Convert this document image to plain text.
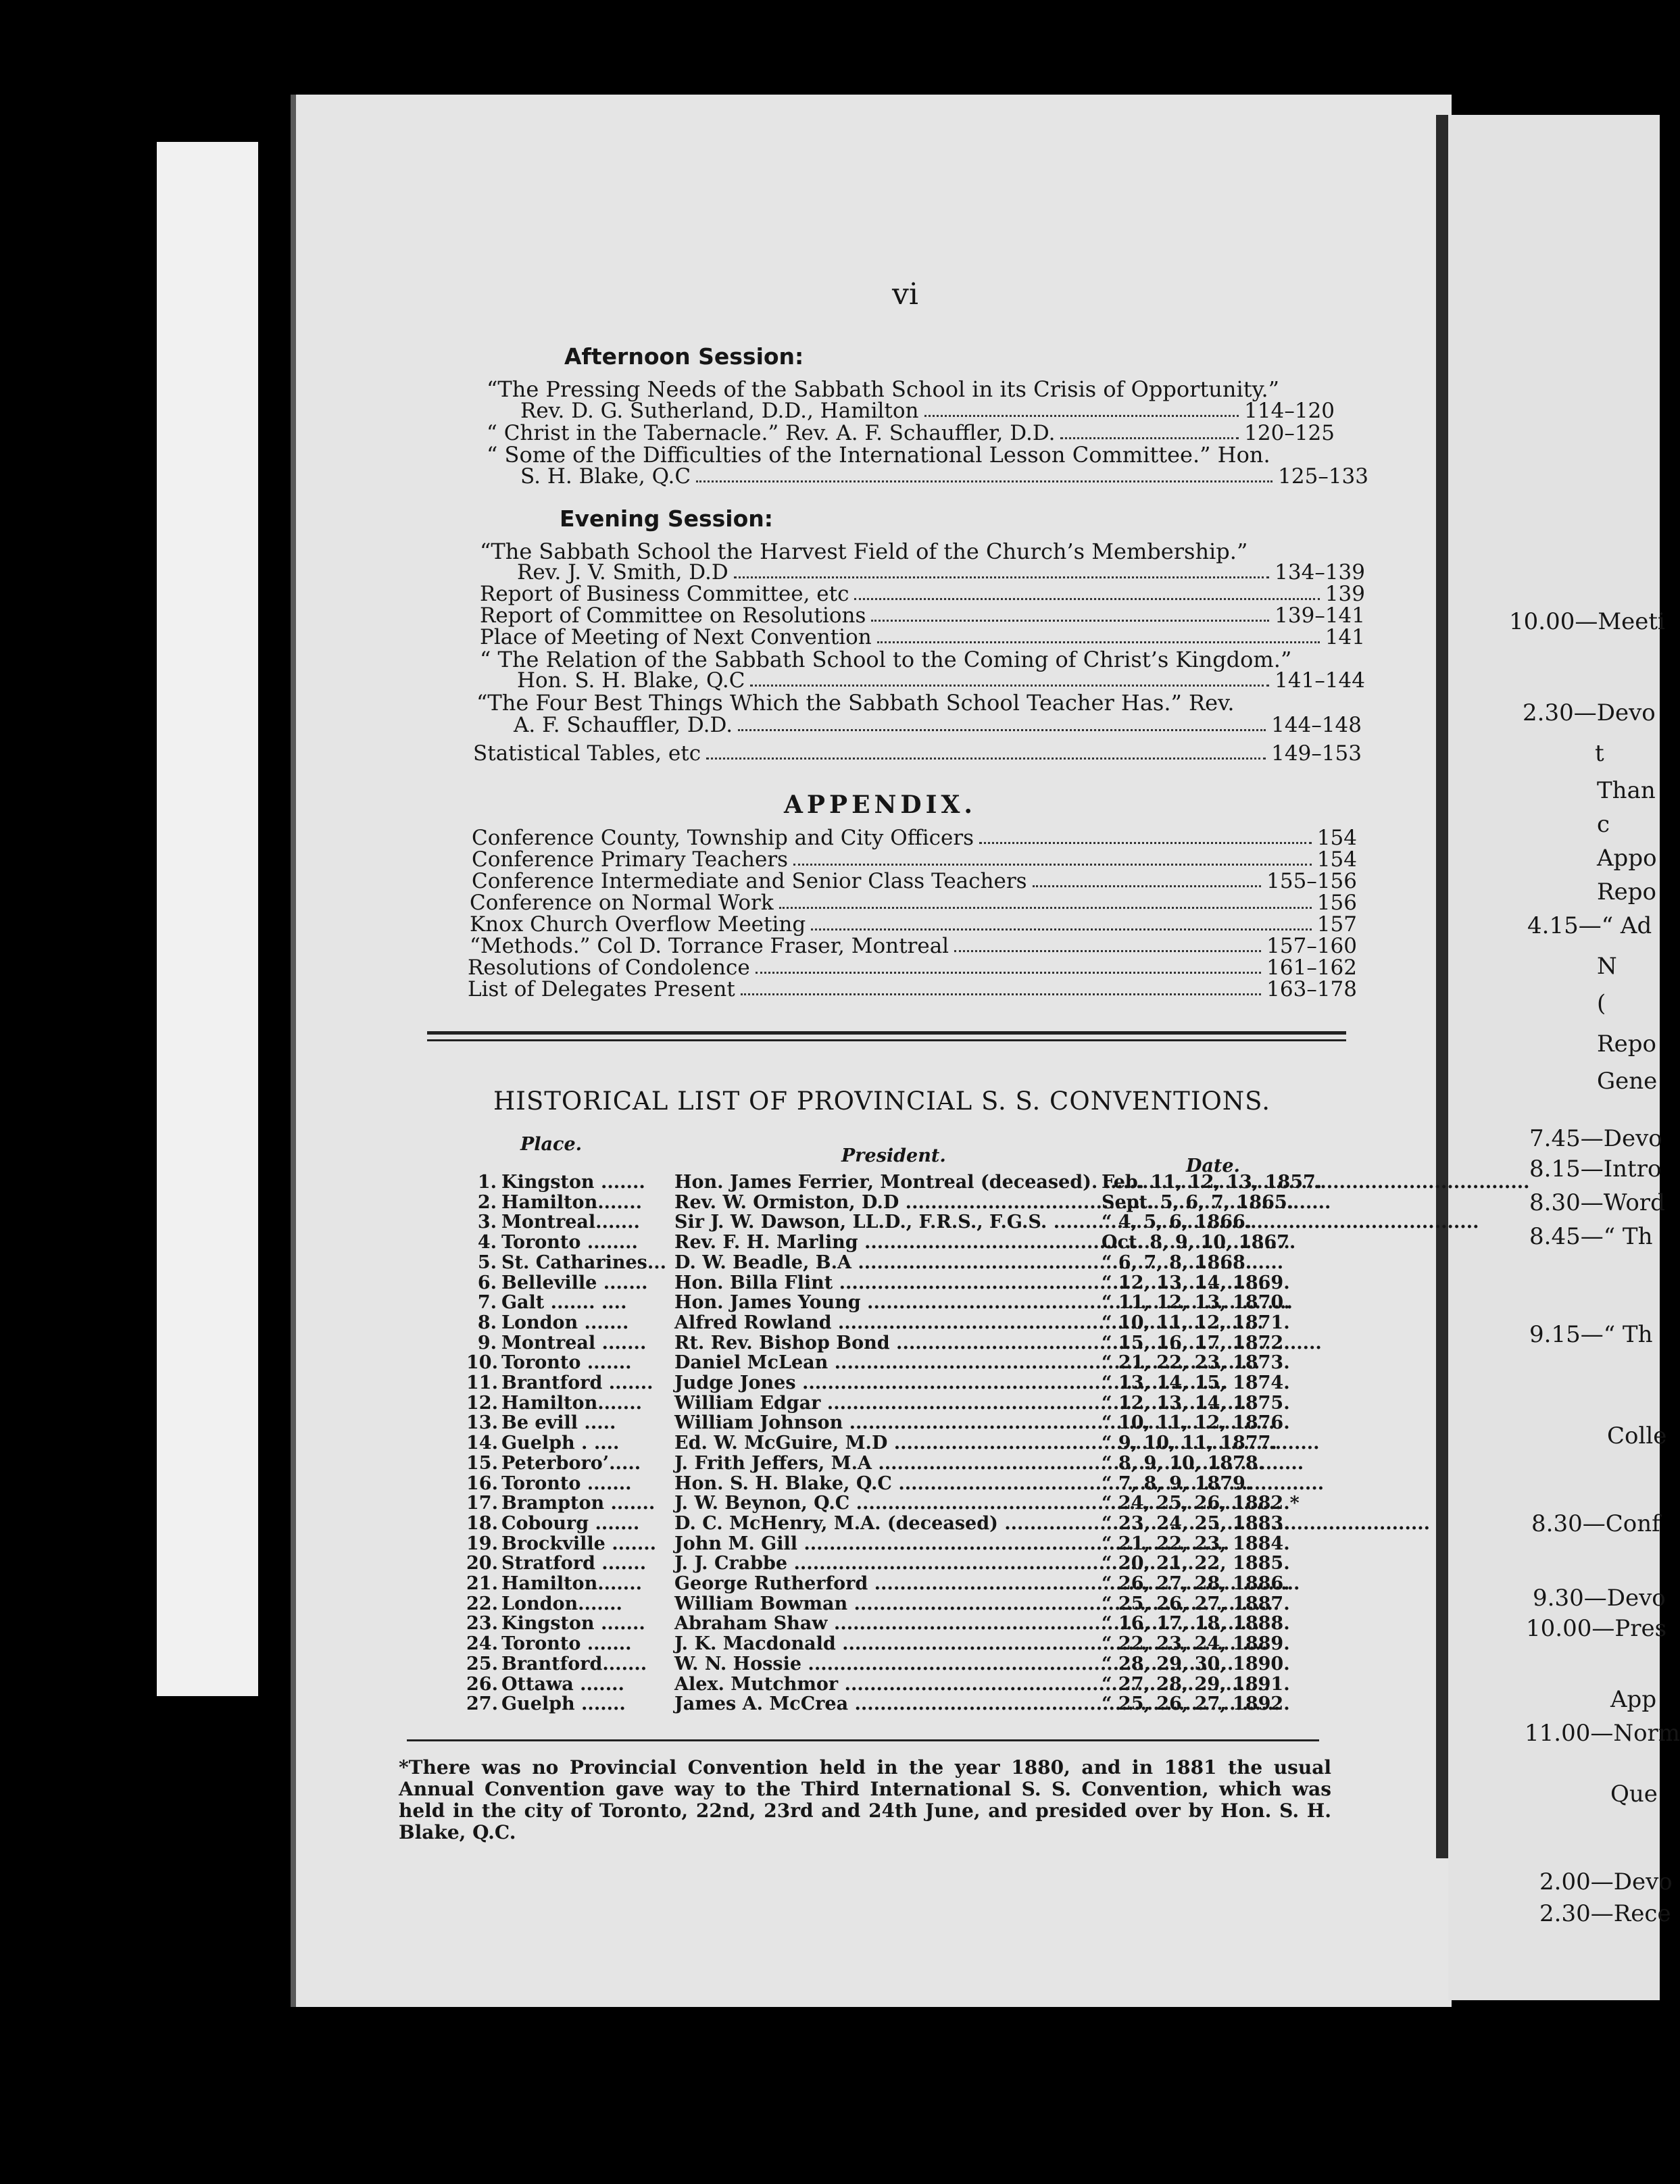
vi
Afternoon Session:
“The Pressing Needs of the Sabbath School in its Crisis of Opportunity.”
Rev. D. G. Sutherland, D.D., Hamilton	114–120
“ Christ in the Tabernacle.” Rev. A. F. Schauffler, D.D.	120–125
“ Some of the Difficulties of the International Lesson Committee.” Hon.
S. H. Blake, Q.C	125–133
Evening Session:
“The Sabbath School the Harvest Field of the Church’s Membership.”
Rev. J. V. Smith, D.D	134–139
Report of Business Committee, etc	139
Report of Committee on Resolutions	139–141
Place of Meeting of Next Convention	141
“ The Relation of the Sabbath School to the Coming of Christ’s Kingdom.”
Hon. S. H. Blake, Q.C	141–144
“The Four Best Things Which the Sabbath School Teacher Has.” Rev.
A. F. Schauffler, D.D.	144–148
Statistical Tables, etc	149–153
APPENDIX.
Conference County, Township and City Officers	154
Conference Primary Teachers	154
Conference Intermediate and Senior Class Teachers	155–156
Conference on Normal Work	156
Knox Church Overflow Meeting	157
“Methods.” Col D. Torrance Fraser, Montreal	157–160
Resolutions of Condolence	161–162
List of Delegates Present	163–178
HISTORICAL LIST OF PROVINCIAL S. S. CONVENTIONS.
Place.
President.	Date.
1. Kingston ....... Hon. James Ferrier, Montreal (deceased). ..... Feb. 11, 12, 13, 1857.
2. Hamilton....... Rev. W. Ormiston, D.D .....	Sept. 5, 6, 7, 1865.
3. Montreal....... Sir J. W. Dawson, LL.D., F.R.S., F.G.S. .....	“ 4, 5, 6, 1866.
4. Toronto ........ Rev. F. H. Marling .....	Oct. 8, 9, 10, 1867.
5. St. Catharines... D. W. Beadle, B.A .....	“ 6, 7, 8, 1868.
6. Belleville ....... Hon. Billa Flint .....	“ 12, 13, 14, 1869.
7. Galt ....... ....	Hon. James Young .....	“ 11, 12, 13, 1870.
8. London .......	Alfred Rowland .....	“ 10, 11, 12, 1871.
9. Montreal ....... Rt. Rev. Bishop Bond .....	“ 15, 16, 17, 1872.
10. Toronto ....... Daniel McLean .....	“ 21, 22, 23, 1873.
11. Brantford ....... Judge Jones .....	“ 13, 14, 15, 1874.
12. Hamilton....... William Edgar .....	“ 12, 13, 14, 1875.
13. Be evill .....	William Johnson .....	“ 10, 11, 12, 1876.
14. Guelph . ....	Ed. W. McGuire, M.D .....	“ 9, 10, 11, 1877.
15. Peterboro’..... J. Frith Jeffers, M.A .....	“ 8, 9, 10, 1878.
16. Toronto ....... Hon. S. H. Blake, Q.C .....	“ 7, 8, 9, 1879.
17. Brampton ....... J. W. Beynon, Q.C .....	“ 24, 25, 26, 1882.*
18. Cobourg ....... D. C. McHenry, M.A. (deceased) .....	“ 23, 24, 25, 1883.
19. Brockville ....... John M. Gill .....	“ 21, 22, 23, 1884.
20. Stratford ....... J. J. Crabbe .....	“ 20, 21, 22, 1885.
21. Hamilton....... George Rutherford .....	“ 26, 27, 28, 1886.
22. London.......	William Bowman .....	“ 25, 26, 27, 1887.
23. Kingston ....... Abraham Shaw .....	“ 16, 17, 18, 1888.
24. Toronto ....... J. K. Macdonald .....	“ 22, 23, 24, 1889.
25. Brantford....... W. N. Hossie .....	“ 28, 29, 30, 1890.
26. Ottawa .......	Alex. Mutchmor .....	“ 27, 28, 29, 1891.
27. Guelph .......	James A. McCrea .....	“ 25, 26, 27, 1892.
*There was no Provincial Convention held in the year 1880, and in 1881 the usual Annual Convention gave way to the Third International S. S. Convention, which was held in the city of Toronto, 22nd, 23rd and 24th June, and presided over by Hon. S. H. Blake, Q.C.
10.00—Meeti
2.30—Devo
t
Than
c
Appo
Repo
4.15—“ Ad
N
(
Repo
Gene
7.45—Devo
8.15—Intro
8.30—Word
8.45—“ Th
9.15—“ Th
Colle
8.30—Conf
9.30—Devo
10.00—Pres
App
11.00—Norm
Que
2.00—Devo
2.30—Rece
